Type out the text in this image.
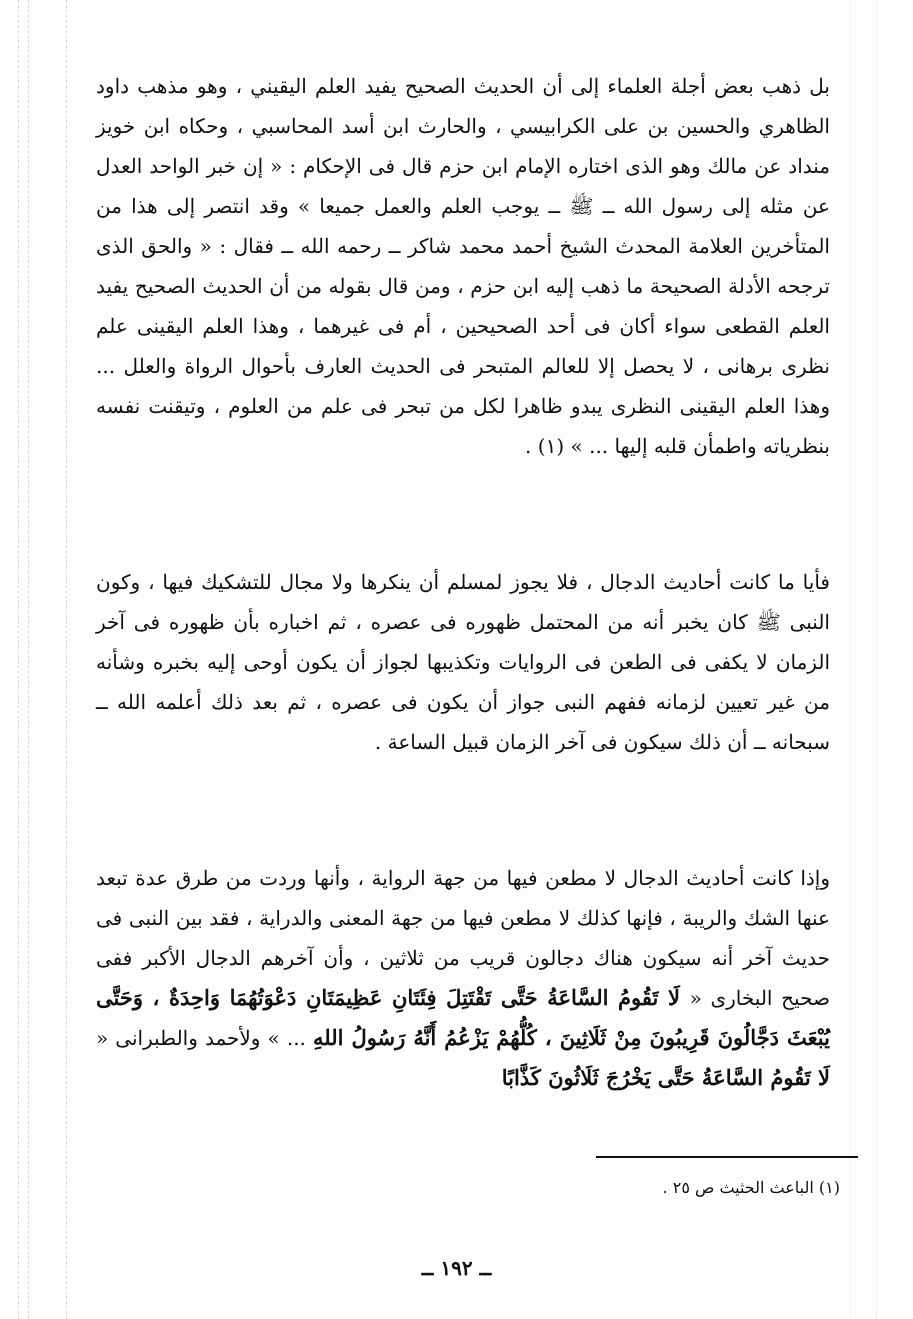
بل ذهب بعض أجلة العلماء إلى أن الحديث الصحيح يفيد العلم اليقيني ، وهو مذهب داود الظاهري والحسين بن على الكرابيسي ، والحارث ابن أسد المحاسبي ، وحكاه ابن خويز منداد عن مالك وهو الذى اختاره الإمام ابن حزم قال فى الإحكام : « إن خبر الواحد العدل عن مثله إلى رسول الله ــ ﷺ ــ يوجب العلم والعمل جميعا » وقد انتصر إلى هذا من المتأخرين العلامة المحدث الشيخ أحمد محمد شاكر ــ رحمه الله ــ فقال : « والحق الذى ترجحه الأدلة الصحيحة ما ذهب إليه ابن حزم ، ومن قال بقوله من أن الحديث الصحيح يفيد العلم القطعى سواء أكان فى أحد الصحيحين ، أم فى غيرهما ، وهذا العلم اليقينى علم نظرى برهانى ، لا يحصل إلا للعالم المتبحر فى الحديث العارف بأحوال الرواة والعلل ... وهذا العلم اليقينى النظرى يبدو ظاهرا لكل من تبحر فى علم من العلوم ، وتيقنت نفسه بنظرياته واطمأن قلبه إليها ... » (١) .

فأيا ما كانت أحاديث الدجال ، فلا يجوز لمسلم أن ينكرها ولا مجال للتشكيك فيها ، وكون النبى ﷺ كان يخبر أنه من المحتمل ظهوره فى عصره ، ثم اخباره بأن ظهوره فى آخر الزمان لا يكفى فى الطعن فى الروايات وتكذيبها لجواز أن يكون أوحى إليه بخبره وشأنه من غير تعيين لزمانه ففهم النبى جواز أن يكون فى عصره ، ثم بعد ذلك أعلمه الله ــ سبحانه ــ أن ذلك سيكون فى آخر الزمان قبيل الساعة .

وإذا كانت أحاديث الدجال لا مطعن فيها من جهة الرواية ، وأنها وردت من طرق عدة تبعد عنها الشك والريبة ، فإنها كذلك لا مطعن فيها من جهة المعنى والدراية ، فقد بين النبى فى حديث آخر أنه سيكون هناك دجالون قريب من ثلاثين ، وأن آخرهم الدجال الأكبر ففى صحيح البخارى « لَا تَقُومُ السَّاعَةُ حَتَّى تَقْتَتِلَ فِئَتَانِ عَظِيمَتَانِ دَعْوَتُهُمَا وَاحِدَةٌ ، وَحَتَّى يُبْعَثَ دَجَّالُونَ قَرِيبُونَ مِنْ ثَلَاثِينَ ، كُلُّهُمْ يَزْعُمُ أَنَّهُ رَسُولُ اللهِ ... » ولأحمد والطبرانى « لَا تَقُومُ السَّاعَةُ حَتَّى يَخْرُجَ ثَلَاثُونَ كَذَّابًا

(١) الباعث الحثيث ص ٢٥ .
ــ ١٩٢ ــ
